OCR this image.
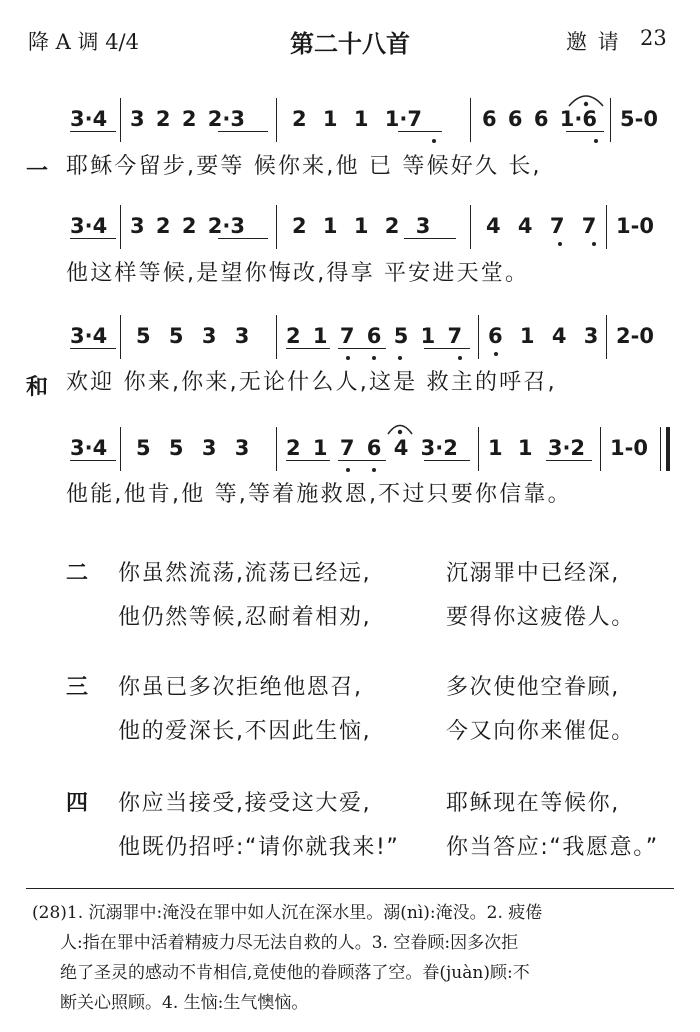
降 A 调 4/4	第二十八首	邀 请 23
3·4 3 2 2 2·3 2 1 1 1·7	6 6 6 1·6 5-0
一 耶稣今留步,要等 候你来,他 已 等候好久 长,
3·4 3 2 2 2·3 2 1 1 2 3	4 4 7 7 1-0
他这样等候,是望你悔改,得享 平安进天堂。
3·4 5 5 3 3 2 1 7 6 5 1 7 6 1 4 3 2-0
和 欢迎 你来,你来,无论什么人,这是 救主的呼召,
3·4 5 5 3 3 2 1 7 6 4 3·2 1 1 3·2 1-0
他能,他肯,他 等,等着施救恩,不过只要你信靠。
二 你虽然流荡,流荡已经远,	沉溺罪中已经深,
他仍然等候,忍耐着相劝,	要得你这疲倦人。
三 你虽已多次拒绝他恩召,	多次使他空眷顾,
他的爱深长,不因此生恼,	今又向你来催促。
四 你应当接受,接受这大爱,	耶稣现在等候你,
他既仍招呼:“请你就我来!” 你当答应:“我愿意。”
(28)1. 沉溺罪中:淹没在罪中如人沉在深水里。溺(nì):淹没。2. 疲倦
人:指在罪中活着精疲力尽无法自救的人。3. 空眷顾:因多次拒
绝了圣灵的感动不肯相信,竟使他的眷顾落了空。眷(juàn)顾:不
断关心照顾。4. 生恼:生气懊恼。
